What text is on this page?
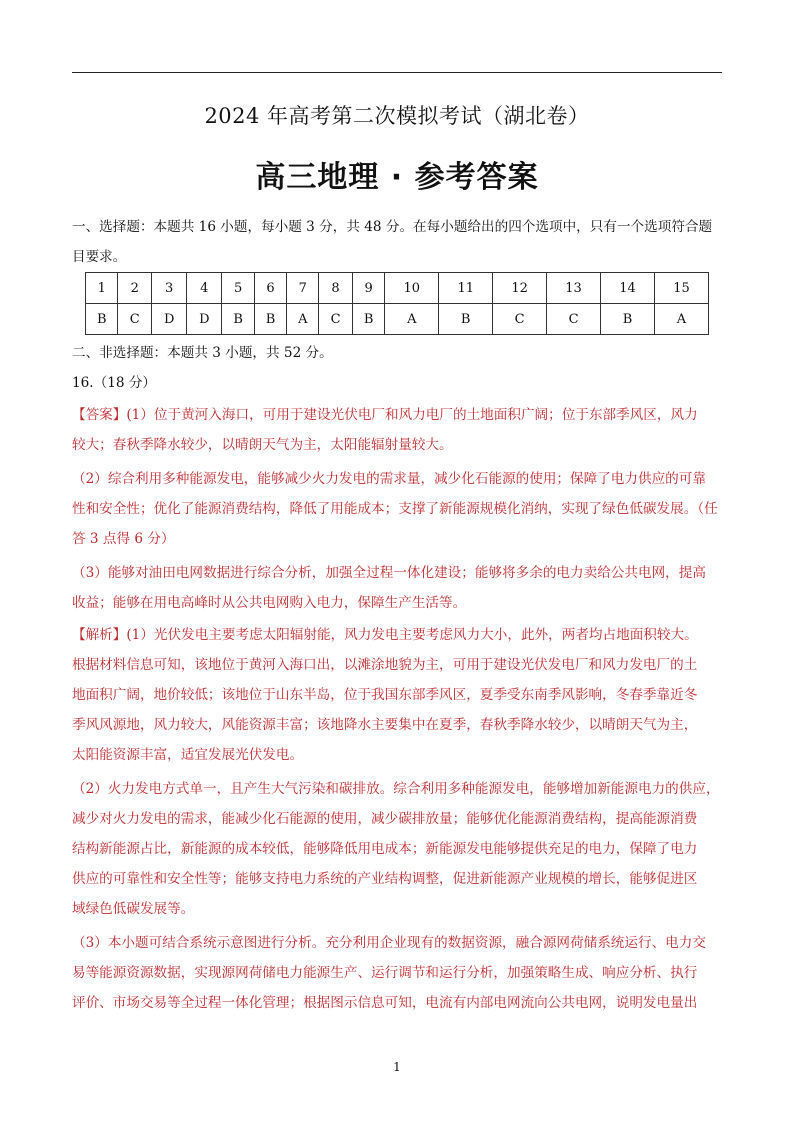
2024 年高考第二次模拟考试（湖北卷）
高三地理 · 参考答案
一、选择题：本题共 16 小题，每小题 3 分，共 48 分。在每小题给出的四个选项中，只有一个选项符合题
目要求。
1	2	3	4	5	6	7	8	9	10	11	12	13	14	15
B	C	D	D	B	B	A	C	B	A	B	C	C	B	A
二、非选择题：本题共 3 小题，共 52 分。
16.（18 分）
【答案】(1）位于黄河入海口，可用于建设光伏电厂和风力电厂的土地面积广阔；位于东部季风区，风力
较大；春秋季降水较少，以晴朗天气为主，太阳能辐射量较大。
（2）综合利用多种能源发电，能够减少火力发电的需求量，减少化石能源的使用；保障了电力供应的可靠
性和安全性；优化了能源消费结构，降低了用能成本；支撑了新能源规模化消纳，实现了绿色低碳发展。（任
答 3 点得 6 分）
（3）能够对油田电网数据进行综合分析，加强全过程一体化建设；能够将多余的电力卖给公共电网，提高
收益；能够在用电高峰时从公共电网购入电力，保障生产生活等。
【解析】(1）光伏发电主要考虑太阳辐射能，风力发电主要考虑风力大小，此外，两者均占地面积较大。
根据材料信息可知，该地位于黄河入海口出，以滩涂地貌为主，可用于建设光伏发电厂和风力发电厂的土
地面积广阔，地价较低；该地位于山东半岛，位于我国东部季风区，夏季受东南季风影响，冬春季靠近冬
季风风源地，风力较大，风能资源丰富；该地降水主要集中在夏季，春秋季降水较少，以晴朗天气为主，
太阳能资源丰富，适宜发展光伏发电。
（2）火力发电方式单一，且产生大气污染和碳排放。综合利用多种能源发电，能够增加新能源电力的供应，
减少对火力发电的需求，能减少化石能源的使用，减少碳排放量；能够优化能源消费结构，提高能源消费
结构新能源占比，新能源的成本较低，能够降低用电成本；新能源发电能够提供充足的电力，保障了电力
供应的可靠性和安全性等；能够支持电力系统的产业结构调整，促进新能源产业规模的增长，能够促进区
域绿色低碳发展等。
（3）本小题可结合系统示意图进行分析。充分利用企业现有的数据资源，融合源网荷储系统运行、电力交
易等能源资源数据，实现源网荷储电力能源生产、运行调节和运行分析，加强策略生成、响应分析、执行
评价、市场交易等全过程一体化管理；根据图示信息可知，电流有内部电网流向公共电网，说明发电量出
1
